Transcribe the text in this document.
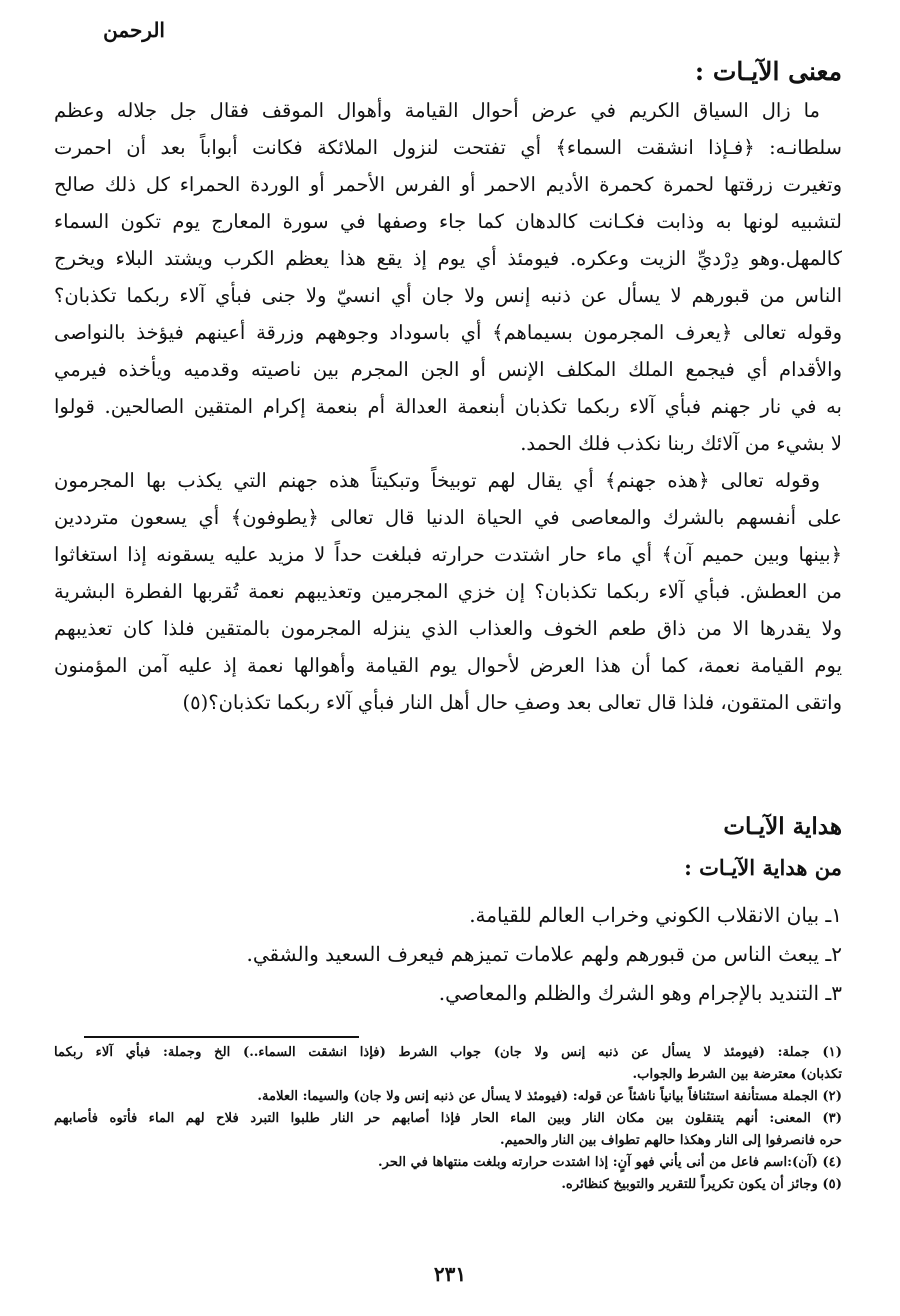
الرحمن
معنى الآيـات :
ما زال السياق الكريم في عرض أحوال القيامة وأهوال الموقف فقال جل جلاله وعظم
سلطانـه: ﴿فـإذا انشقت السماء﴾ أي تفتحت لنزول الملائكة فكانت أبواباً بعد أن احمرت
وتغيرت زرقتها لحمرة كحمرة الأديم الاحمر أو الفرس الأحمر أو الوردة الحمراء كل ذلك صالح
لتشبيه لونها به وذابت فكـانت كالدهان كما جاء وصفها في سورة المعارج يوم تكون السماء
كالمهل.وهو دِرْديِّ الزيت وعكره. فيومئذ أي يوم إذ يقع هذا يعظم الكرب ويشتد البلاء ويخرج
الناس من قبورهم لا يسأل عن ذنبه إنس ولا جان أي انسيّ ولا جنى فبأي آلاء ربكما تكذبان؟
وقوله تعالى ﴿يعرف المجرمون بسيماهم﴾ أي باسوداد وجوههم وزرقة أعينهم فيؤخذ بالنواصى
والأقدام أي فيجمع الملك المكلف الإنس أو الجن المجرم بين ناصيته وقدميه ويأخذه فيرمي
به في نار جهنم فبأي آلاء ربكما تكذبان أبنعمة العدالة أم بنعمة إكرام المتقين الصالحين. قولوا
لا بشيء من آلائك ربنا نكذب فلك الحمد.
وقوله تعالى ﴿هذه جهنم﴾ أي يقال لهم توبيخاً وتبكيتاً هذه جهنم التي يكذب بها المجرمون
على أنفسهم بالشرك والمعاصى في الحياة الدنيا قال تعالى ﴿يطوفون﴾ أي يسعون مترددين
﴿بينها وبين حميم آن﴾ أي ماء حار اشتدت حرارته فبلغت حداً لا مزيد عليه يسقونه إذا استغاثوا
من العطش. فبأي آلاء ربكما تكذبان؟ إن خزي المجرمين وتعذيبهم نعمة تُقربها الفطرة البشرية
ولا يقدرها الا من ذاق طعم الخوف والعذاب الذي ينزله المجرمون بالمتقين فلذا كان تعذيبهم
يوم القيامة نعمة، كما أن هذا العرض لأحوال يوم القيامة وأهوالها نعمة إذ عليه آمن المؤمنون
واتقى المتقون، فلذا قال تعالى بعد وصفِ حال أهل النار فبأي آلاء ربكما تكذبان؟(٥)
هداية الآيـات
من هداية الآيـات :
١ـ بيان الانقلاب الكوني وخراب العالم للقيامة.
٢ـ يبعث الناس من قبورهم ولهم علامات تميزهم فيعرف السعيد والشقي.
٣ـ التنديد بالإجرام وهو الشرك والظلم والمعاصي.
(١) جملة: (فيومئذ لا يسأل عن ذنبه إنس ولا جان) جواب الشرط (فإذا انشقت السماء..) الخ وجملة: فبأي آلاء ربكما
تكذبان) معترضة بين الشرط والجواب.
(٢) الجملة مستأنفة استئنافاً بيانياً ناشئاً عن قوله: (فيومئذ لا يسأل عن ذنبه إنس ولا جان) والسيما: العلامة.
(٣) المعنى: أنهم يتنقلون بين مكان النار وبين الماء الحار فإذا أصابهم حر النار طلبوا التبرد فلاح لهم الماء فأتوه فأصابهم
حره فانصرفوا إلى النار وهكذا حالهم تطواف بين النار والحميم.
(٤) (آن):اسم فاعل من أنى يأني فهو آنٍ: إذا اشتدت حرارته وبلغت منتهاها في الحر.
(٥) وجائز أن يكون تكريراً للتقرير والتوبيخ كنظائره.
٢٣١
